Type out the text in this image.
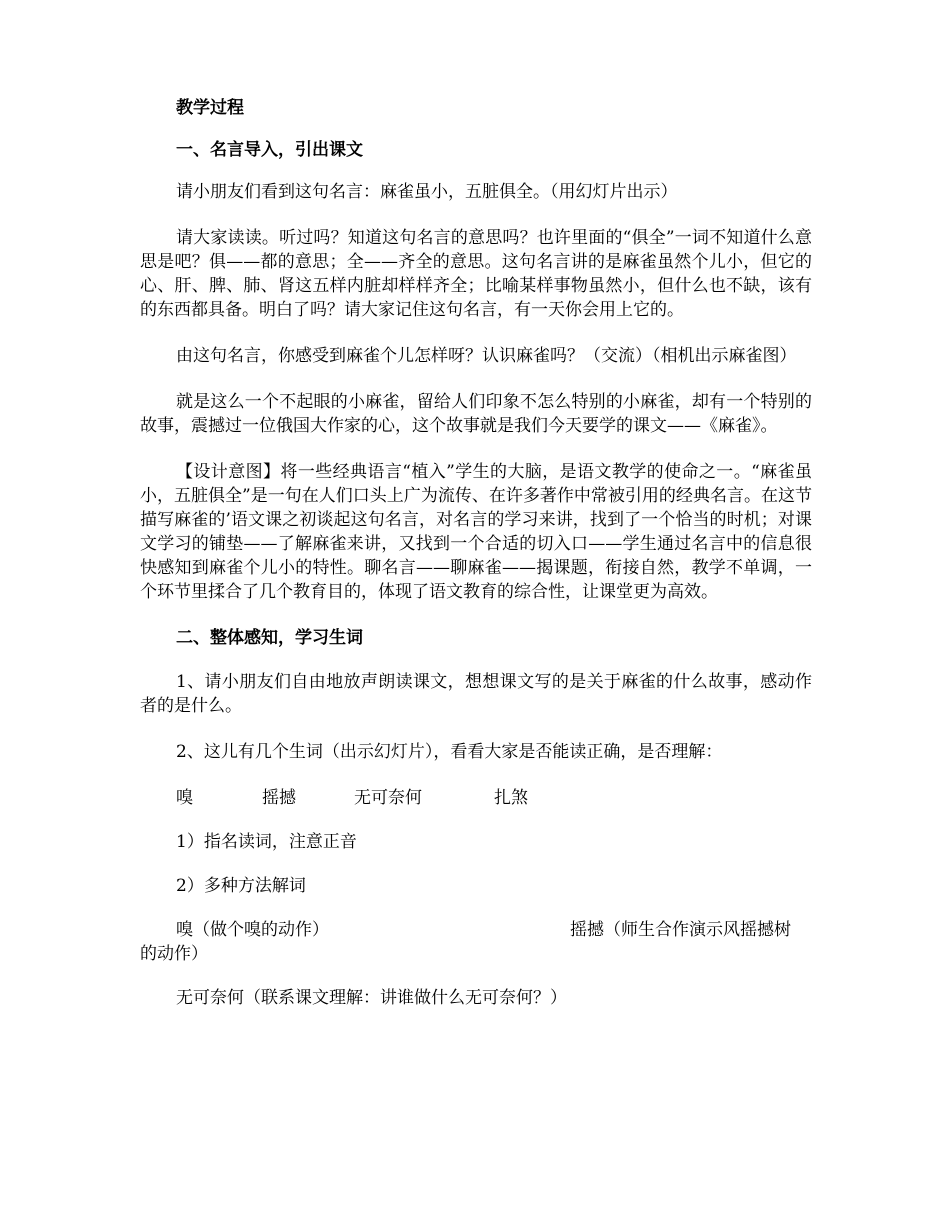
教学过程

一、名言导入，引出课文

请小朋友们看到这句名言：麻雀虽小，五脏俱全。（用幻灯片出示）

请大家读读。听过吗？知道这句名言的意思吗？也许里面的“俱全”一词不知道什么意思是吧？俱——都的意思；全——齐全的意思。这句名言讲的是麻雀虽然个儿小，但它的心、肝、脾、肺、肾这五样内脏却样样齐全；比喻某样事物虽然小，但什么也不缺，该有的东西都具备。明白了吗？请大家记住这句名言，有一天你会用上它的。

由这句名言，你感受到麻雀个儿怎样呀？认识麻雀吗？（交流）（相机出示麻雀图）

就是这么一个不起眼的小麻雀，留给人们印象不怎么特别的小麻雀，却有一个特别的故事，震撼过一位俄国大作家的心，这个故事就是我们今天要学的课文——《麻雀》。

【设计意图】将一些经典语言“植入”学生的大脑，是语文教学的使命之一。“麻雀虽小，五脏俱全”是一句在人们口头上广为流传、在许多著作中常被引用的经典名言。在这节描写麻雀的’语文课之初谈起这句名言，对名言的学习来讲，找到了一个恰当的时机；对课文学习的铺垫——了解麻雀来讲，又找到一个合适的切入口——学生通过名言中的信息很快感知到麻雀个儿小的特性。聊名言——聊麻雀——揭课题，衔接自然，教学不单调，一个环节里揉合了几个教育目的，体现了语文教育的综合性，让课堂更为高效。

二、整体感知，学习生词

1、请小朋友们自由地放声朗读课文，想想课文写的是关于麻雀的什么故事，感动作者的是什么。

2、这儿有几个生词（出示幻灯片），看看大家是否能读正确，是否理解：

嗅	摇撼	无可奈何	扎煞

1）指名读词，注意正音

2）多种方法解词

嗅（做个嗅的动作）	摇撼（师生合作演示风摇撼树
的动作）

无可奈何（联系课文理解：讲谁做什么无可奈何？）
